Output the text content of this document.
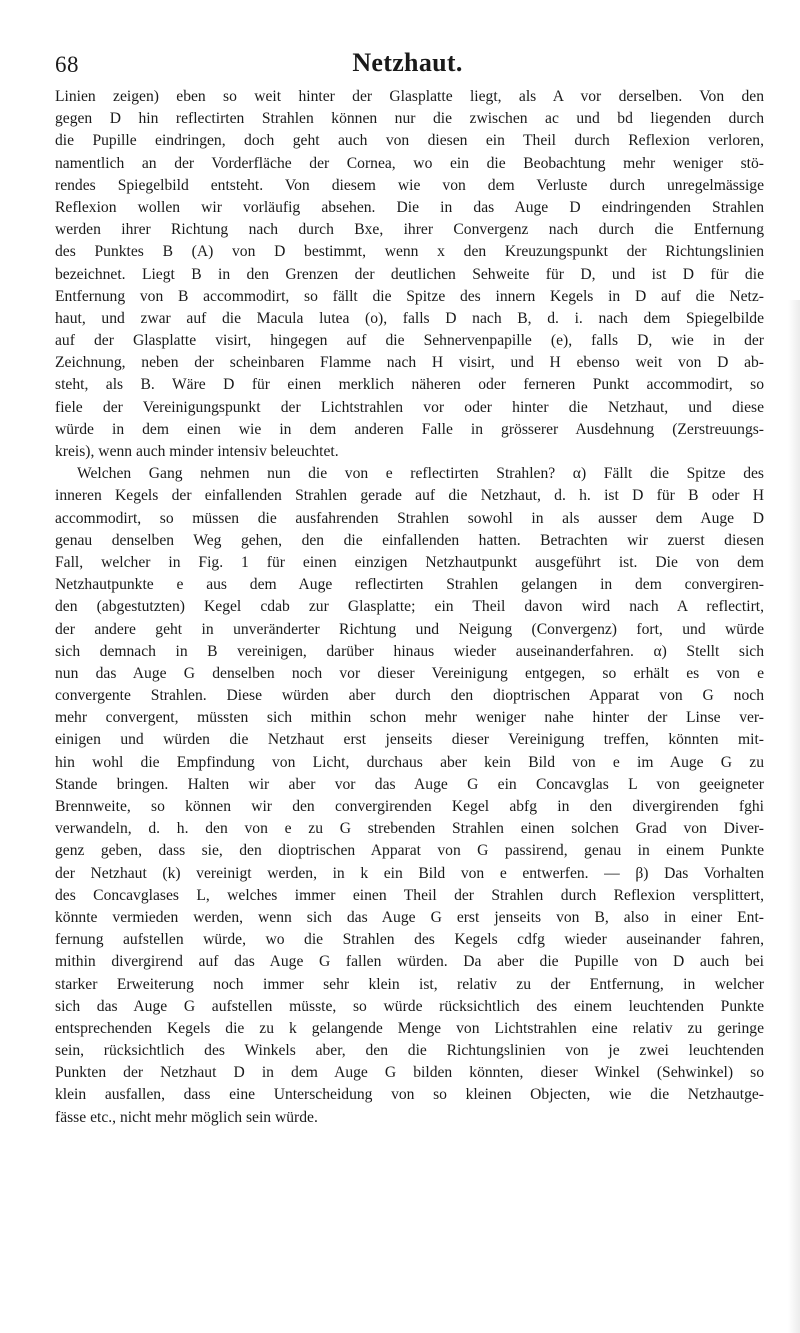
68	Netzhaut.
Linien zeigen) eben so weit hinter der Glasplatte liegt, als A vor derselben. Von den
gegen D hin reflectirten Strahlen können nur die zwischen ac und bd liegenden durch
die Pupille eindringen, doch geht auch von diesen ein Theil durch Reflexion verloren,
namentlich an der Vorderfläche der Cornea, wo ein die Beobachtung mehr weniger stö-
rendes Spiegelbild entsteht. Von diesem wie von dem Verluste durch unregelmässige
Reflexion wollen wir vorläufig absehen. Die in das Auge D eindringenden Strahlen
werden ihrer Richtung nach durch Bxe, ihrer Convergenz nach durch die Entfernung
des Punktes B (A) von D bestimmt, wenn x den Kreuzungspunkt der Richtungslinien
bezeichnet. Liegt B in den Grenzen der deutlichen Sehweite für D, und ist D für die
Entfernung von B accommodirt, so fällt die Spitze des innern Kegels in D auf die Netz-
haut, und zwar auf die Macula lutea (o), falls D nach B, d. i. nach dem Spiegelbilde
auf der Glasplatte visirt, hingegen auf die Sehnervenpapille (e), falls D, wie in der
Zeichnung, neben der scheinbaren Flamme nach H visirt, und H ebenso weit von D ab-
steht, als B. Wäre D für einen merklich näheren oder ferneren Punkt accommodirt, so
fiele der Vereinigungspunkt der Lichtstrahlen vor oder hinter die Netzhaut, und diese
würde in dem einen wie in dem anderen Falle in grösserer Ausdehnung (Zerstreuungs-
kreis), wenn auch minder intensiv beleuchtet.
Welchen Gang nehmen nun die von e reflectirten Strahlen? α) Fällt die Spitze des
inneren Kegels der einfallenden Strahlen gerade auf die Netzhaut, d. h. ist D für B oder H
accommodirt, so müssen die ausfahrenden Strahlen sowohl in als ausser dem Auge D
genau denselben Weg gehen, den die einfallenden hatten. Betrachten wir zuerst diesen
Fall, welcher in Fig. 1 für einen einzigen Netzhautpunkt ausgeführt ist. Die von dem
Netzhautpunkte e aus dem Auge reflectirten Strahlen gelangen in dem convergiren-
den (abgestutzten) Kegel cdab zur Glasplatte; ein Theil davon wird nach A reflectirt,
der andere geht in unveränderter Richtung und Neigung (Convergenz) fort, und würde
sich demnach in B vereinigen, darüber hinaus wieder auseinanderfahren. α) Stellt sich
nun das Auge G denselben noch vor dieser Vereinigung entgegen, so erhält es von e
convergente Strahlen. Diese würden aber durch den dioptrischen Apparat von G noch
mehr convergent, müssten sich mithin schon mehr weniger nahe hinter der Linse ver-
einigen und würden die Netzhaut erst jenseits dieser Vereinigung treffen, könnten mit-
hin wohl die Empfindung von Licht, durchaus aber kein Bild von e im Auge G zu
Stande bringen. Halten wir aber vor das Auge G ein Concavglas L von geeigneter
Brennweite, so können wir den convergirenden Kegel abfg in den divergirenden fghi
verwandeln, d. h. den von e zu G strebenden Strahlen einen solchen Grad von Diver-
genz geben, dass sie, den dioptrischen Apparat von G passirend, genau in einem Punkte
der Netzhaut (k) vereinigt werden, in k ein Bild von e entwerfen. — β) Das Vorhalten
des Concavglases L, welches immer einen Theil der Strahlen durch Reflexion versplittert,
könnte vermieden werden, wenn sich das Auge G erst jenseits von B, also in einer Ent-
fernung aufstellen würde, wo die Strahlen des Kegels cdfg wieder auseinander fahren,
mithin divergirend auf das Auge G fallen würden. Da aber die Pupille von D auch bei
starker Erweiterung noch immer sehr klein ist, relativ zu der Entfernung, in welcher
sich das Auge G aufstellen müsste, so würde rücksichtlich des einem leuchtenden Punkte
entsprechenden Kegels die zu k gelangende Menge von Lichtstrahlen eine relativ zu geringe
sein, rücksichtlich des Winkels aber, den die Richtungslinien von je zwei leuchtenden
Punkten der Netzhaut D in dem Auge G bilden könnten, dieser Winkel (Sehwinkel) so
klein ausfallen, dass eine Unterscheidung von so kleinen Objecten, wie die Netzhautge-
fässe etc., nicht mehr möglich sein würde.
